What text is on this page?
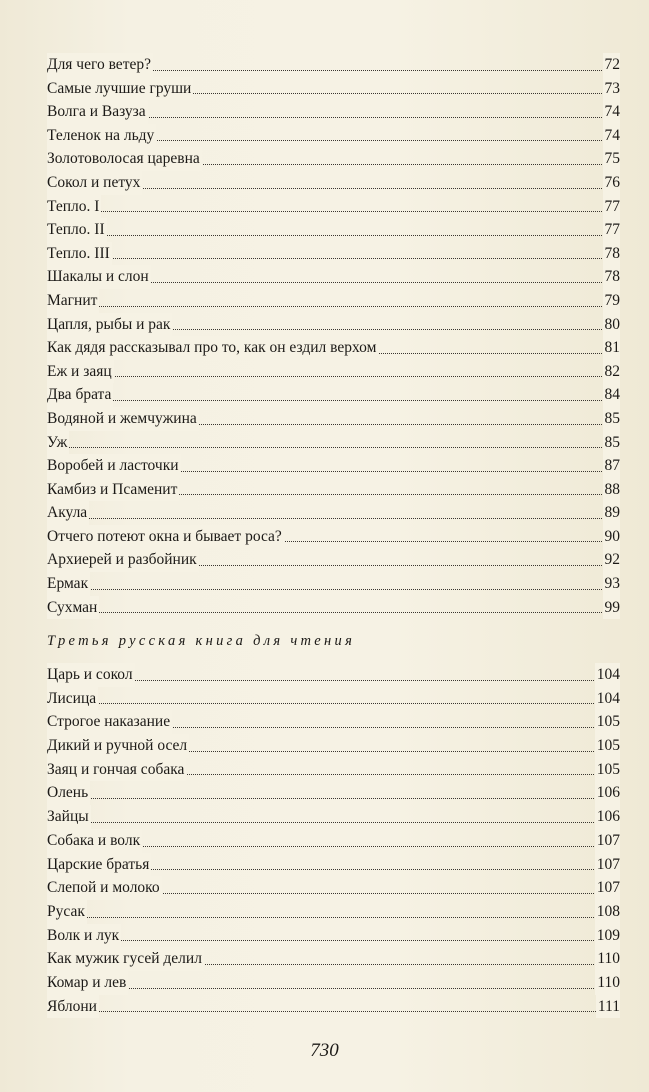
Для чего ветер?	72
Самые лучшие груши	73
Волга и Вазуза	74
Теленок на льду	74
Золотоволосая царевна	75
Сокол и петух	76
Тепло. I	77
Тепло. II	77
Тепло. III	78
Шакалы и слон	78
Магнит	79
Цапля, рыбы и рак	80
Как дядя рассказывал про то, как он ездил верхом	81
Еж и заяц	82
Два брата	84
Водяной и жемчужина	85
Уж	85
Воробей и ласточки	87
Камбиз и Псаменит	88
Акула	89
Отчего потеют окна и бывает роса?	90
Архиерей и разбойник	92
Ермак	93
Сухман	99
Третья русская книга для чтения
Царь и сокол	104
Лисица	104
Строгое наказание	105
Дикий и ручной осел	105
Заяц и гончая собака	105
Олень	106
Зайцы	106
Собака и волк	107
Царские братья	107
Слепой и молоко	107
Русак	108
Волк и лук	109
Как мужик гусей делил	110
Комар и лев	110
Яблони	111
730
